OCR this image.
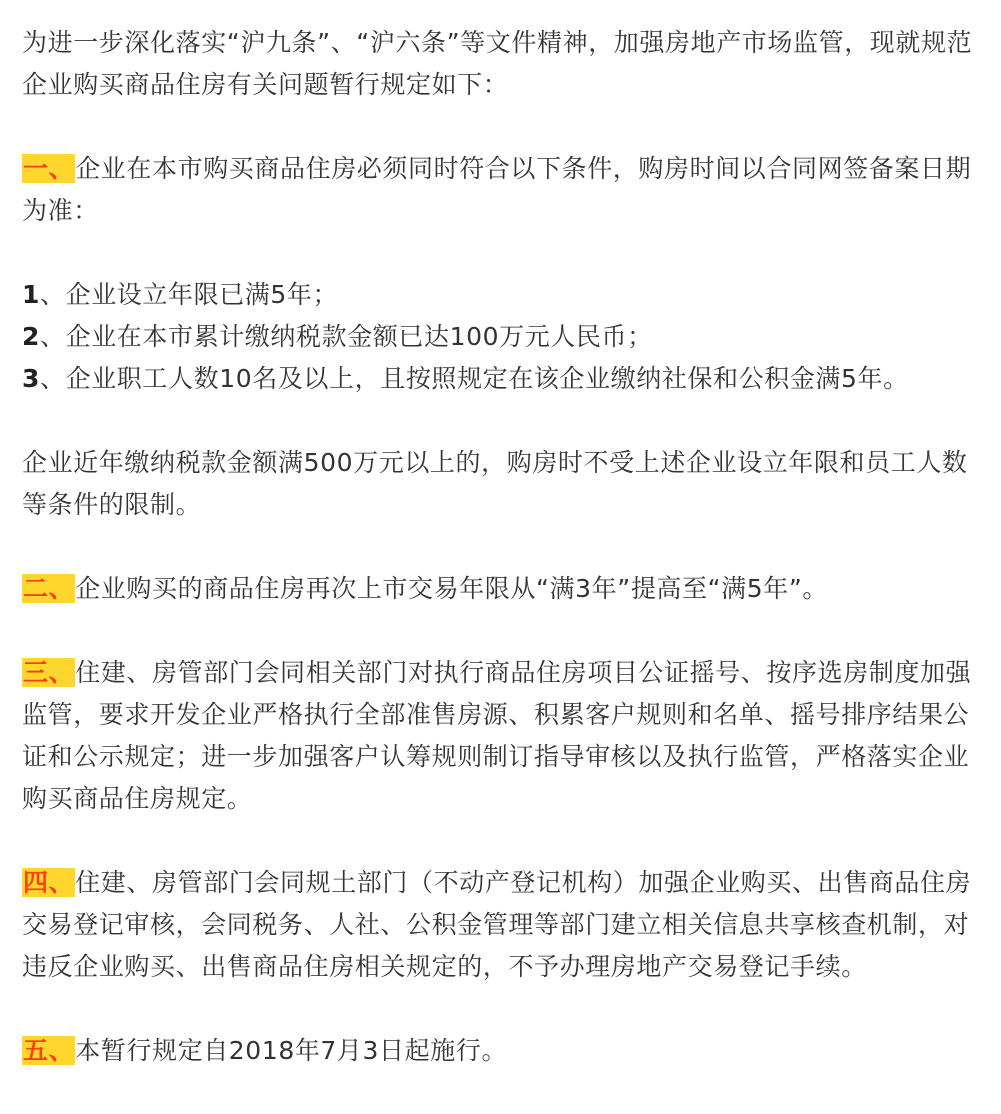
为进一步深化落实“沪九条”、“沪六条”等文件精神，加强房地产市场监管，现就规范企业购买商品住房有关问题暂行规定如下：

一、企业在本市购买商品住房必须同时符合以下条件，购房时间以合同网签备案日期为准：

1、企业设立年限已满5年；
2、企业在本市累计缴纳税款金额已达100万元人民币；
3、企业职工人数10名及以上，且按照规定在该企业缴纳社保和公积金满5年。

企业近年缴纳税款金额满500万元以上的，购房时不受上述企业设立年限和员工人数等条件的限制。

二、企业购买的商品住房再次上市交易年限从“满3年”提高至“满5年”。

三、住建、房管部门会同相关部门对执行商品住房项目公证摇号、按序选房制度加强监管，要求开发企业严格执行全部准售房源、积累客户规则和名单、摇号排序结果公证和公示规定；进一步加强客户认筹规则制订指导审核以及执行监管，严格落实企业购买商品住房规定。

四、住建、房管部门会同规土部门（不动产登记机构）加强企业购买、出售商品住房交易登记审核，会同税务、人社、公积金管理等部门建立相关信息共享核查机制，对违反企业购买、出售商品住房相关规定的，不予办理房地产交易登记手续。

五、本暂行规定自2018年7月3日起施行。
